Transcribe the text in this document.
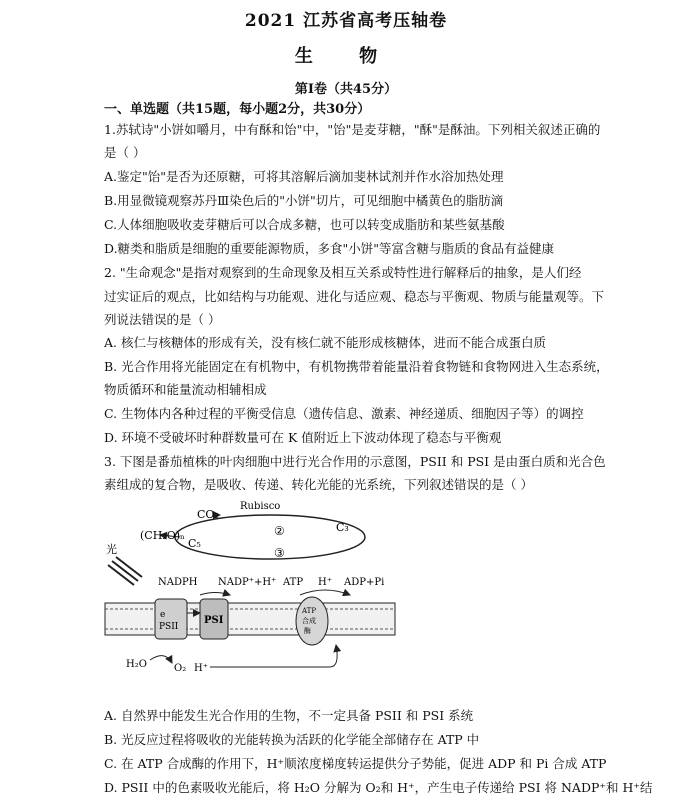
2021 江苏省高考压轴卷
生 物
第Ⅰ卷（共45分）
一、单选题（共15题，每小题2分，共30分）
1.苏轼诗"小饼如嚼月，中有酥和饴"中，"饴"是麦芽糖，"酥"是酥油。下列相关叙述正确的
是（ ）
A.鉴定"饴"是否为还原糖，可将其溶解后滴加斐林试剂并作水浴加热处理
B.用显微镜观察苏丹Ⅲ染色后的"小饼"切片，可见细胞中橘黄色的脂肪滴
C.人体细胞吸收麦芽糖后可以合成多糖，也可以转变成脂肪和某些氨基酸
D.糖类和脂质是细胞的重要能源物质，多食"小饼"等富含糖与脂质的食品有益健康
2. "生命观念"是指对观察到的生命现象及相互关系或特性进行解释后的抽象，是人们经
过实证后的观点，比如结构与功能观、进化与适应观、稳态与平衡观、物质与能量观等。下
列说法错误的是（ ）
A. 核仁与核糖体的形成有关，没有核仁就不能形成核糖体，进而不能合成蛋白质
B. 光合作用将光能固定在有机物中，有机物携带着能量沿着食物链和食物网进入生态系统，
物质循环和能量流动相辅相成
C. 生物体内各种过程的平衡受信息（遗传信息、激素、神经递质、细胞因子等）的调控
D. 环境不受破坏时种群数量可在 K 值附近上下波动体现了稳态与平衡观
3. 下图是番茄植株的叶肉细胞中进行光合作用的示意图，PSII 和 PSI 是由蛋白质和光合色
素组成的复合物，是吸收、传递、转化光能的光系统，下列叙述错误的是（ ）
Rubisco
CO₂
C₃
C₅
(CH₂O)ₙ	②
③
光
NADPH NADP⁺+H⁺ ATP H⁺ ADP+Pi
e
PSII
PSI
ATP
合成
酶
H₂O	O₂ H⁺
A. 自然界中能发生光合作用的生物，不一定具备 PSII 和 PSI 系统
B. 光反应过程将吸收的光能转换为活跃的化学能全部储存在 ATP 中
C. 在 ATP 合成酶的作用下，H⁺顺浓度梯度转运提供分子势能，促进 ADP 和 Pi 合成 ATP
D. PSII 中的色素吸收光能后，将 H₂O 分解为 O₂和 H⁺，产生电子传递给 PSI 将 NADP⁺和 H⁺结
